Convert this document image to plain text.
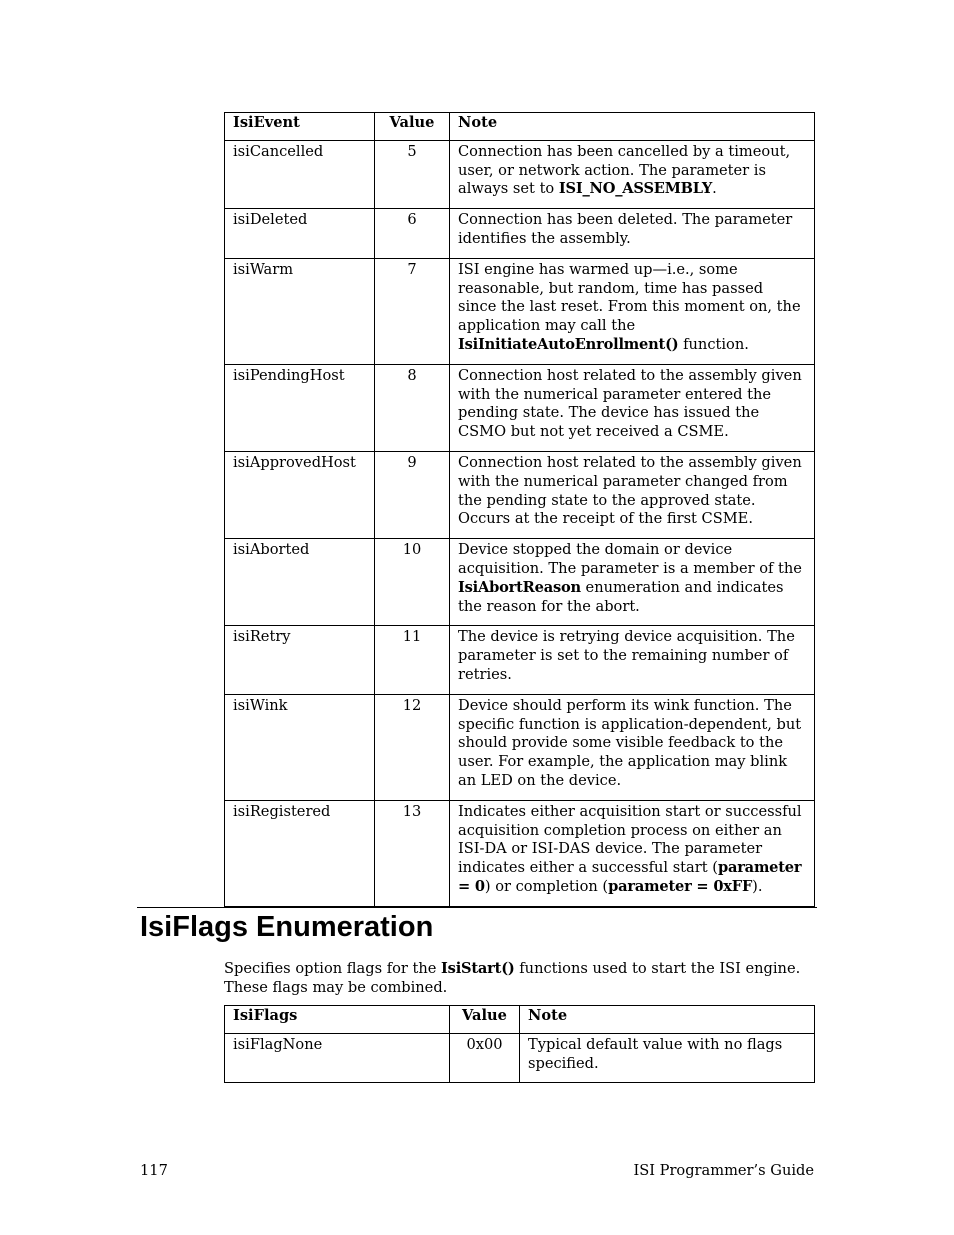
IsiEvent	Value	Note
isiCancelled	5	Connection has been cancelled by a timeout, user, or network action. The parameter is always set to ISI_NO_ASSEMBLY.
isiDeleted	6	Connection has been deleted. The parameter identifies the assembly.
isiWarm	7	ISI engine has warmed up—i.e., some reasonable, but random, time has passed since the last reset. From this moment on, the application may call the IsiInitiateAutoEnrollment() function.
isiPendingHost	8	Connection host related to the assembly given with the numerical parameter entered the pending state. The device has issued the CSMO but not yet received a CSME.
isiApprovedHost	9	Connection host related to the assembly given with the numerical parameter changed from the pending state to the approved state. Occurs at the receipt of the first CSME.
isiAborted	10	Device stopped the domain or device acquisition. The parameter is a member of the IsiAbortReason enumeration and indicates the reason for the abort.
isiRetry	11	The device is retrying device acquisition. The parameter is set to the remaining number of retries.
isiWink	12	Device should perform its wink function. The specific function is application-dependent, but should provide some visible feedback to the user. For example, the application may blink an LED on the device.
isiRegistered	13	Indicates either acquisition start or successful acquisition completion process on either an ISI-DA or ISI-DAS device. The parameter indicates either a successful start (parameter = 0) or completion (parameter = 0xFF).
IsiFlags Enumeration

Specifies option flags for the IsiStart() functions used to start the ISI engine. These flags may be combined.

IsiFlags	Value	Note
isiFlagNone	0x00	Typical default value with no flags specified.
117	ISI Programmer’s Guide
